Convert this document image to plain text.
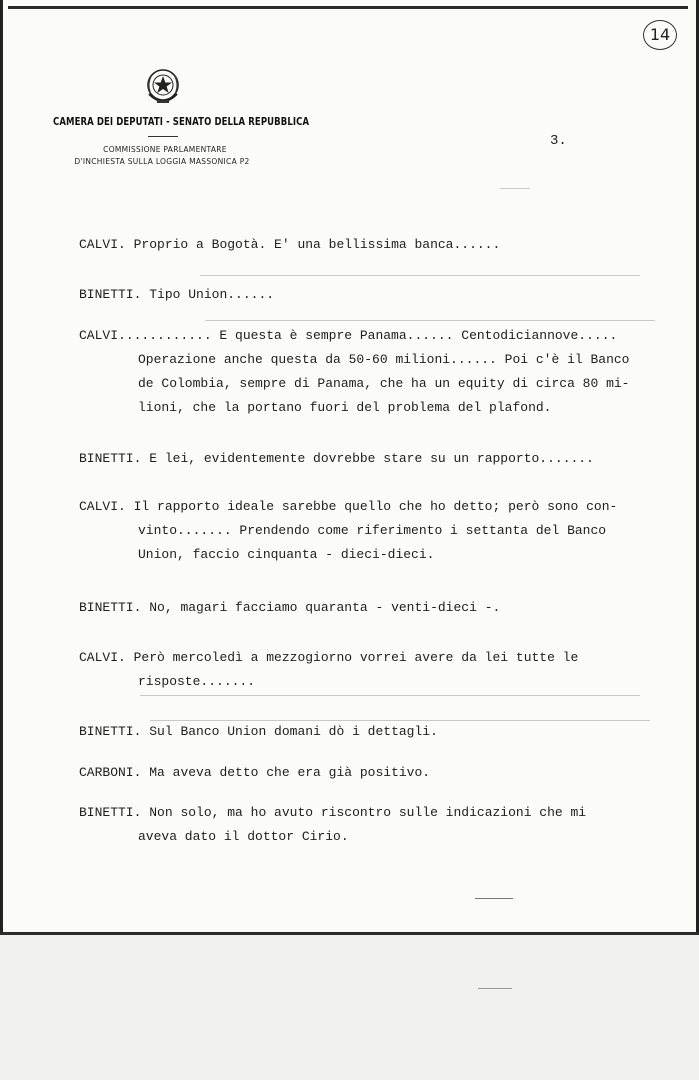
14
CAMERA DEI DEPUTATI - SENATO DELLA REPUBBLICA
COMMISSIONE PARLAMENTARE
D'INCHIESTA SULLA LOGGIA MASSONICA P2
3.
CALVI. Proprio a Bogotà. E' una bellissima banca......
BINETTI. Tipo Union......
CALVI............ E questa è sempre Panama...... Centodiciannove.....
Operazione anche questa da 50-60 milioni...... Poi c'è il Banco
de Colombia, sempre di Panama, che ha un equity di circa 80 mi-
lioni, che la portano fuori del problema del plafond.
BINETTI. E lei, evidentemente dovrebbe stare su un rapporto.......
CALVI. Il rapporto ideale sarebbe quello che ho detto; però sono con-
vinto....... Prendendo come riferimento i settanta del Banco
Union, faccio cinquanta - dieci-dieci.
BINETTI. No, magari facciamo quaranta - venti-dieci -.
CALVI. Però mercoledì a mezzogiorno vorrei avere da lei tutte le
risposte.......
BINETTI. Sul Banco Union domani dò i dettagli.
CARBONI. Ma aveva detto che era già positivo.
BINETTI. Non solo, ma ho avuto riscontro sulle indicazioni che mi
aveva dato il dottor Cirio.
